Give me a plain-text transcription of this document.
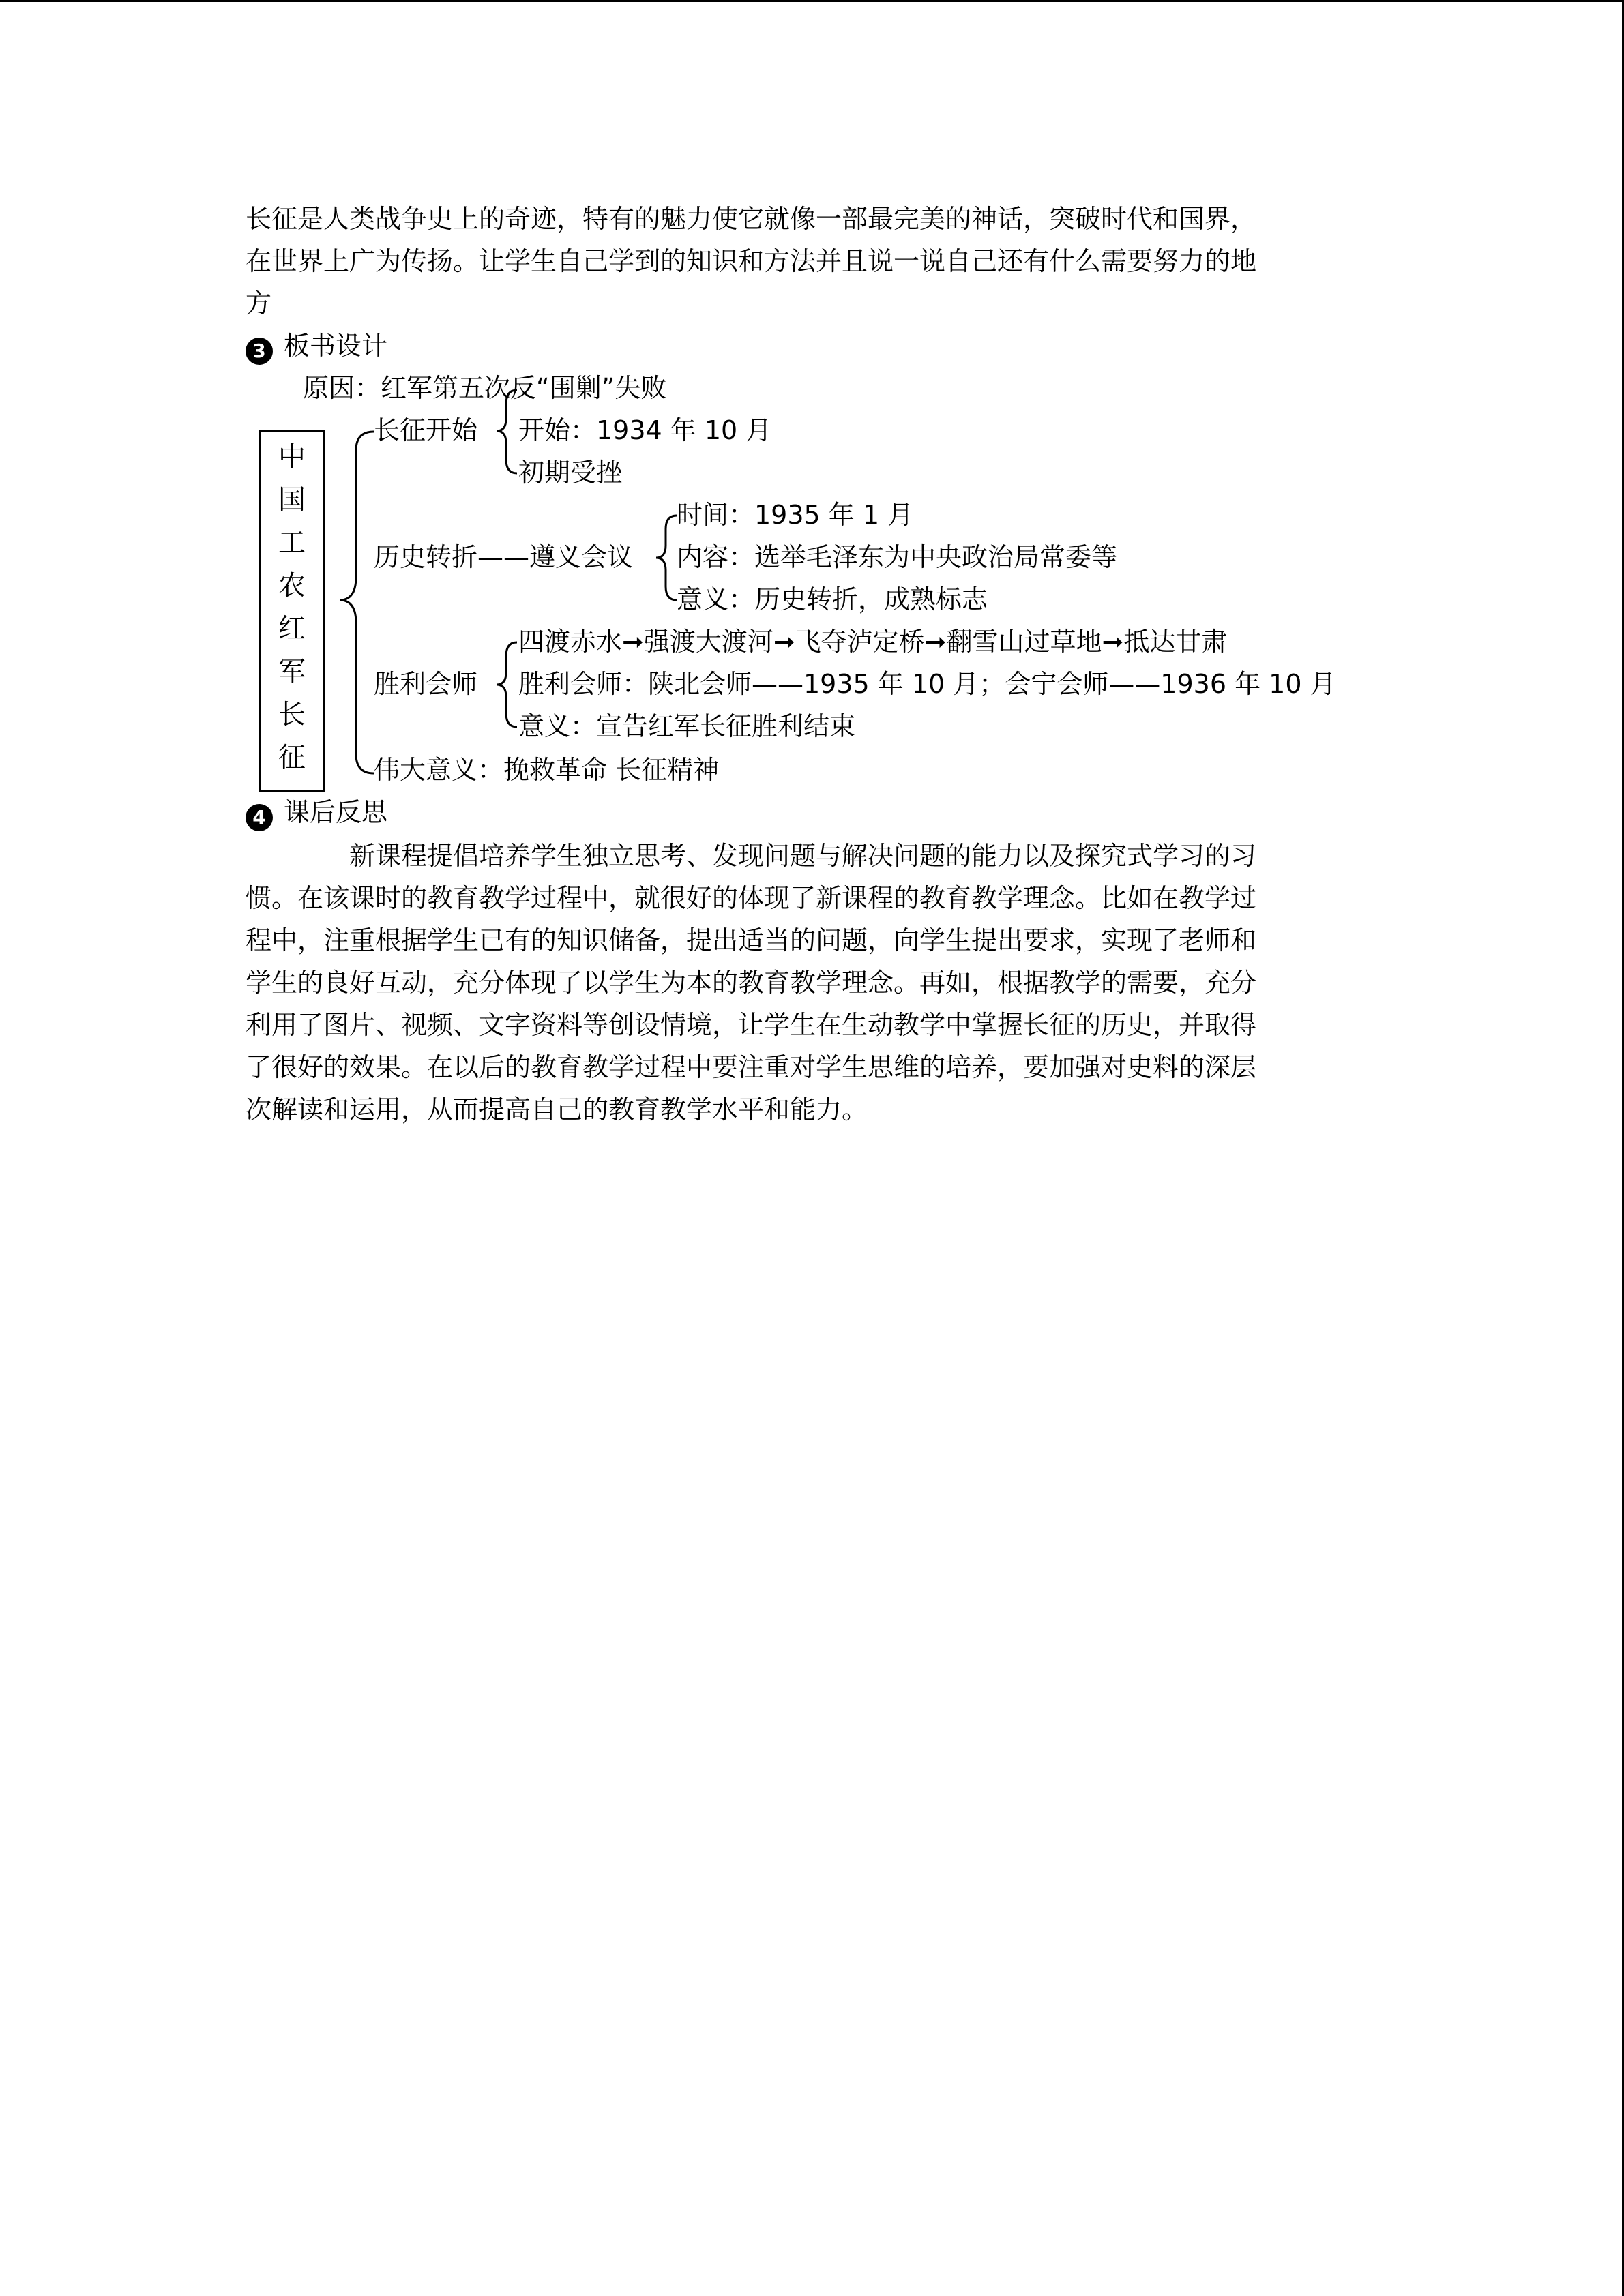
长征是人类战争史上的奇迹，特有的魅力使它就像一部最完美的神话，突破时代和国界，

在世界上广为传扬。让学生自己学到的知识和方法并且说一说自己还有什么需要努力的地

方

3 板书设计
原因：红军第五次反“围剿”失败
中
国
工
农
红
军
长
征
长征开始 开始：1934 年 10 月
初期受挫
历史转折——遵义会议
时间：1935 年 1 月
内容：选举毛泽东为中央政治局常委等
意义：历史转折，成熟标志
胜利会师
四渡赤水➞强渡大渡河➞飞夺泸定桥➞翻雪山过草地➞抵达甘肃
胜利会师：陕北会师——1935 年 10 月；会宁会师——1936 年 10 月
意义：宣告红军长征胜利结束
伟大意义：挽救革命 长征精神
4 课后反思

新课程提倡培养学生独立思考、发现问题与解决问题的能力以及探究式学习的习

惯。在该课时的教育教学过程中，就很好的体现了新课程的教育教学理念。比如在教学过

程中，注重根据学生已有的知识储备，提出适当的问题，向学生提出要求，实现了老师和

学生的良好互动，充分体现了以学生为本的教育教学理念。再如，根据教学的需要，充分

利用了图片、视频、文字资料等创设情境，让学生在生动教学中掌握长征的历史，并取得

了很好的效果。在以后的教育教学过程中要注重对学生思维的培养，要加强对史料的深层

次解读和运用，从而提高自己的教育教学水平和能力。
